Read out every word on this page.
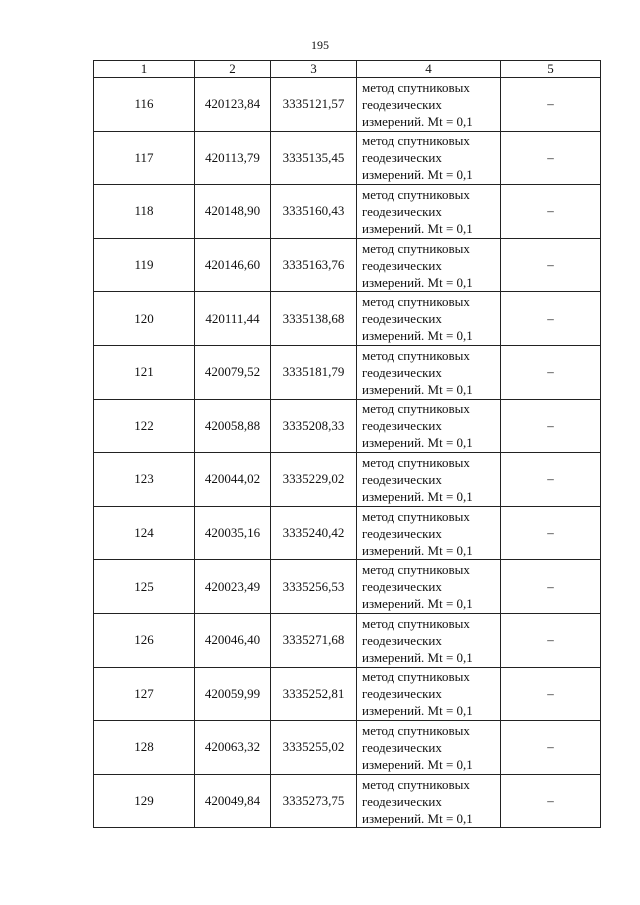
195
1	2	3	4	5
116	420123,84	3335121,57	метод спутниковых
геодезических
измерений. Mt = 0,1	–
117	420113,79	3335135,45	метод спутниковых
геодезических
измерений. Mt = 0,1	–
118	420148,90	3335160,43	метод спутниковых
геодезических
измерений. Mt = 0,1	–
119	420146,60	3335163,76	метод спутниковых
геодезических
измерений. Mt = 0,1	–
120	420111,44	3335138,68	метод спутниковых
геодезических
измерений. Mt = 0,1	–
121	420079,52	3335181,79	метод спутниковых
геодезических
измерений. Mt = 0,1	–
122	420058,88	3335208,33	метод спутниковых
геодезических
измерений. Mt = 0,1	–
123	420044,02	3335229,02	метод спутниковых
геодезических
измерений. Mt = 0,1	–
124	420035,16	3335240,42	метод спутниковых
геодезических
измерений. Mt = 0,1	–
125	420023,49	3335256,53	метод спутниковых
геодезических
измерений. Mt = 0,1	–
126	420046,40	3335271,68	метод спутниковых
геодезических
измерений. Mt = 0,1	–
127	420059,99	3335252,81	метод спутниковых
геодезических
измерений. Mt = 0,1	–
128	420063,32	3335255,02	метод спутниковых
геодезических
измерений. Mt = 0,1	–
129	420049,84	3335273,75	метод спутниковых
геодезических
измерений. Mt = 0,1	–
